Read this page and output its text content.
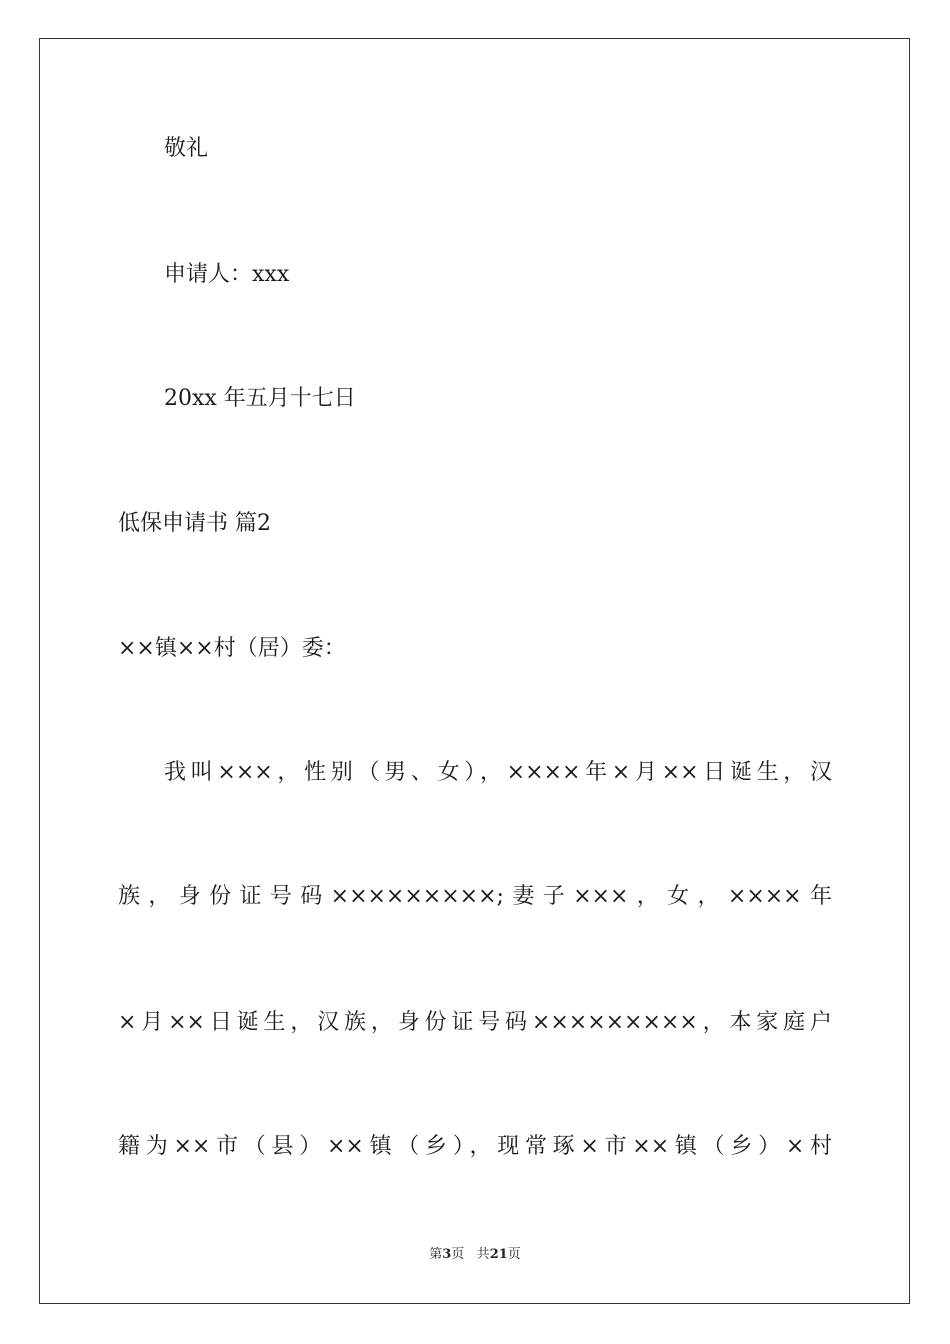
敬礼
申请人：xxx
20xx 年五月十七日
低保申请书 篇2
××镇××村（居）委：
我叫×××，性别（男、女），××××年×月××日诞生，汉
族，身份证号码×××××××××;妻子×××，女，××××年
×月××日诞生，汉族，身份证号码×××××××××，本家庭户
籍为××市（县）××镇（乡），现常琢×市××镇（乡）×村
第3页 共21页
